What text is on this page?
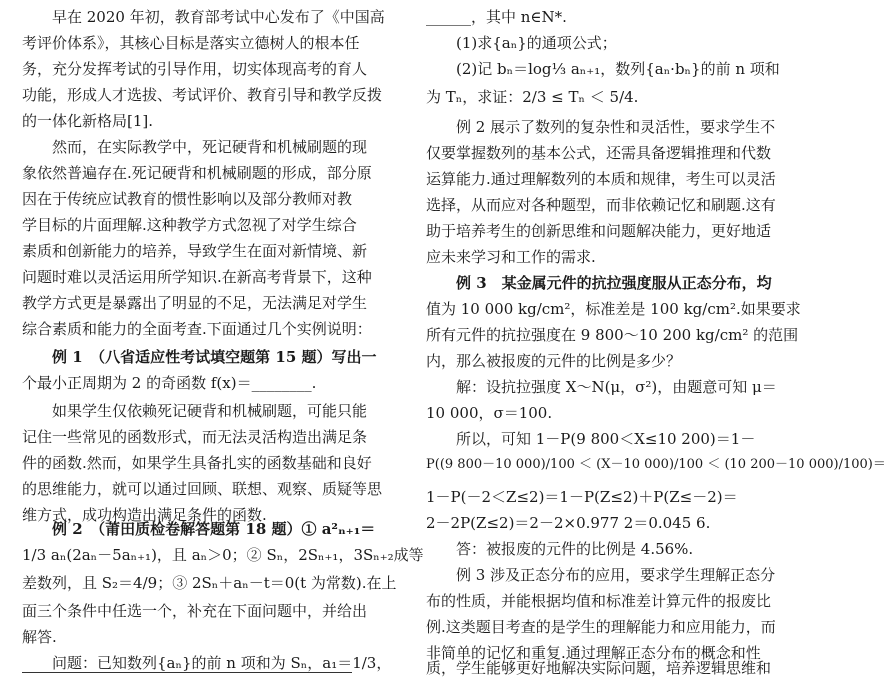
早在 2020 年初，教育部考试中心发布了《中国高
考评价体系》，其核心目标是落实立德树人的根本任
务，充分发挥考试的引导作用，切实体现高考的育人
功能，形成人才选拔、考试评价、教育引导和教学反拨
的一体化新格局[1].
然而，在实际教学中，死记硬背和机械刷题的现
象依然普遍存在.死记硬背和机械刷题的形成，部分原
因在于传统应试教育的惯性影响以及部分教师对教
学目标的片面理解.这种教学方式忽视了对学生综合
素质和创新能力的培养，导致学生在面对新情境、新
问题时难以灵活运用所学知识.在新高考背景下，这种
教学方式更是暴露出了明显的不足，无法满足对学生
综合素质和能力的全面考查.下面通过几个实例说明：
例 1　（八省适应性考试填空题第 15 题）写出一
个最小正周期为 2 的奇函数 f(x)＝________.
如果学生仅依赖死记硬背和机械刷题，可能只能
记住一些常见的函数形式，而无法灵活构造出满足条
件的函数.然而，如果学生具备扎实的函数基础和良好
的思维能力，就可以通过回顾、联想、观察、质疑等思
维方式，成功构造出满足条件的函数.
例 2　（莆田质检卷解答题第 18 题）① a²ₙ₊₁＝
1/3 aₙ(2aₙ－5aₙ₊₁)，且 aₙ＞0；② Sₙ，2Sₙ₊₁，3Sₙ₊₂成等
差数列，且 S₂＝4/9；③ 2Sₙ＋aₙ－t＝0(t 为常数).在上
面三个条件中任选一个，补充在下面问题中，并给出
解答.
______，其中 n∈N*.
(1)求{aₙ}的通项公式；
(2)记 bₙ＝log⅓ aₙ₊₁，数列{aₙ·bₙ}的前 n 项和
为 Tₙ，求证：2/3 ≤ Tₙ ＜ 5/4.
例 2 展示了数列的复杂性和灵活性，要求学生不
仅要掌握数列的基本公式，还需具备逻辑推理和代数
运算能力.通过理解数列的本质和规律，考生可以灵活
选择，从而应对各种题型，而非依赖记忆和刷题.这有
助于培养考生的创新思维和问题解决能力，更好地适
应未来学习和工作的需求.
例 3　某金属元件的抗拉强度服从正态分布，均
值为 10 000 kg/cm²，标准差是 100 kg/cm².如果要求
所有元件的抗拉强度在 9 800～10 200 kg/cm² 的范围
内，那么被报废的元件的比例是多少？
解：设抗拉强度 X～N(μ，σ²)，由题意可知 μ＝
10 000，σ＝100.
所以，可知 1－P(9 800＜X≤10 200)＝1－
P((9 800－10 000)/100 ＜ (X－10 000)/100 ＜ (10 200－10 000)/100)＝
1－P(－2＜Z≤2)＝1－P(Z≤2)＋P(Z≤－2)＝
2－2P(Z≤2)＝2－2×0.977 2＝0.045 6.
答：被报废的元件的比例是 4.56%.
例 3 涉及正态分布的应用，要求学生理解正态分
布的性质，并能根据均值和标准差计算元件的报废比
例.这类题目考查的是学生的理解能力和应用能力，而
非简单的记忆和重复.通过理解正态分布的概念和性
质，学生能够更好地解决实际问题，培养逻辑思维和
问题：已知数列{aₙ}的前 n 项和为 Sₙ，a₁＝1/3，
